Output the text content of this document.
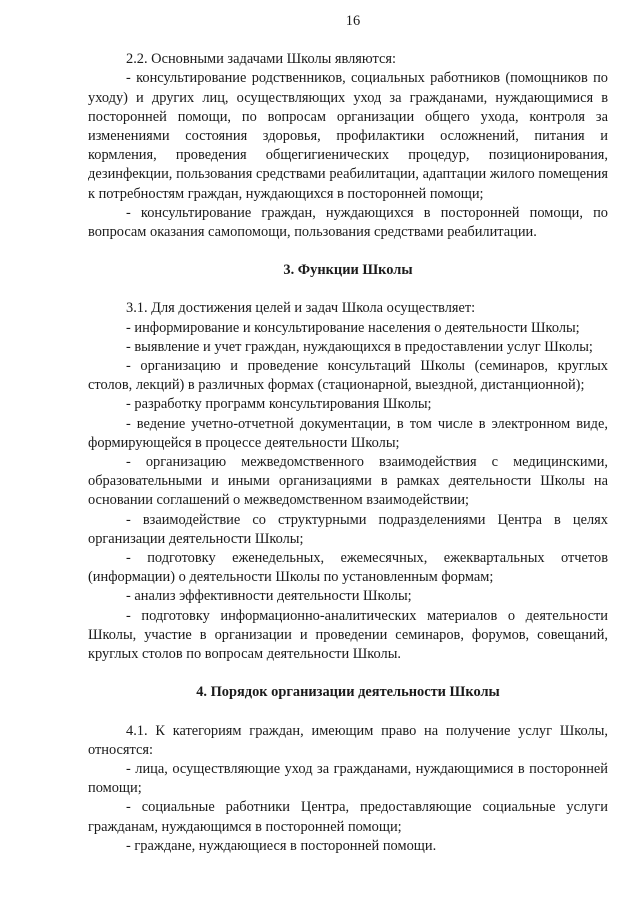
16

2.2. Основными задачами Школы являются:

- консультирование родственников, социальных работников (помощников по уходу) и других лиц, осуществляющих уход за гражданами, нуждающимися в посторонней помощи, по вопросам организации общего ухода, контроля за изменениями состояния здоровья, профилактики осложнений, питания и кормления, проведения общегигиенических процедур, позиционирования, дезинфекции, пользования средствами реабилитации, адаптации жилого помещения к потребностям граждан, нуждающихся в посторонней помощи;

- консультирование граждан, нуждающихся в посторонней помощи, по вопросам оказания самопомощи, пользования средствами реабилитации.

3. Функции Школы

3.1. Для достижения целей и задач Школа осуществляет:

- информирование и консультирование населения о деятельности Школы;

- выявление и учет граждан, нуждающихся в предоставлении услуг Школы;

- организацию и проведение консультаций Школы (семинаров, круглых столов, лекций) в различных формах (стационарной, выездной, дистанционной);

- разработку программ консультирования Школы;

- ведение учетно-отчетной документации, в том числе в электронном виде, формирующейся в процессе деятельности Школы;

- организацию межведомственного взаимодействия с медицинскими, образовательными и иными организациями в рамках деятельности Школы на основании соглашений о межведомственном взаимодействии;

- взаимодействие со структурными подразделениями Центра в целях организации деятельности Школы;

- подготовку еженедельных, ежемесячных, ежеквартальных отчетов (информации) о деятельности Школы по установленным формам;

- анализ эффективности деятельности Школы;

- подготовку информационно-аналитических материалов о деятельности Школы, участие в организации и проведении семинаров, форумов, совещаний, круглых столов по вопросам деятельности Школы.

4. Порядок организации деятельности Школы

4.1. К категориям граждан, имеющим право на получение услуг Школы, относятся:

- лица, осуществляющие уход за гражданами, нуждающимися в посторонней помощи;

- социальные работники Центра, предоставляющие социальные услуги гражданам, нуждающимся в посторонней помощи;

- граждане, нуждающиеся в посторонней помощи.
